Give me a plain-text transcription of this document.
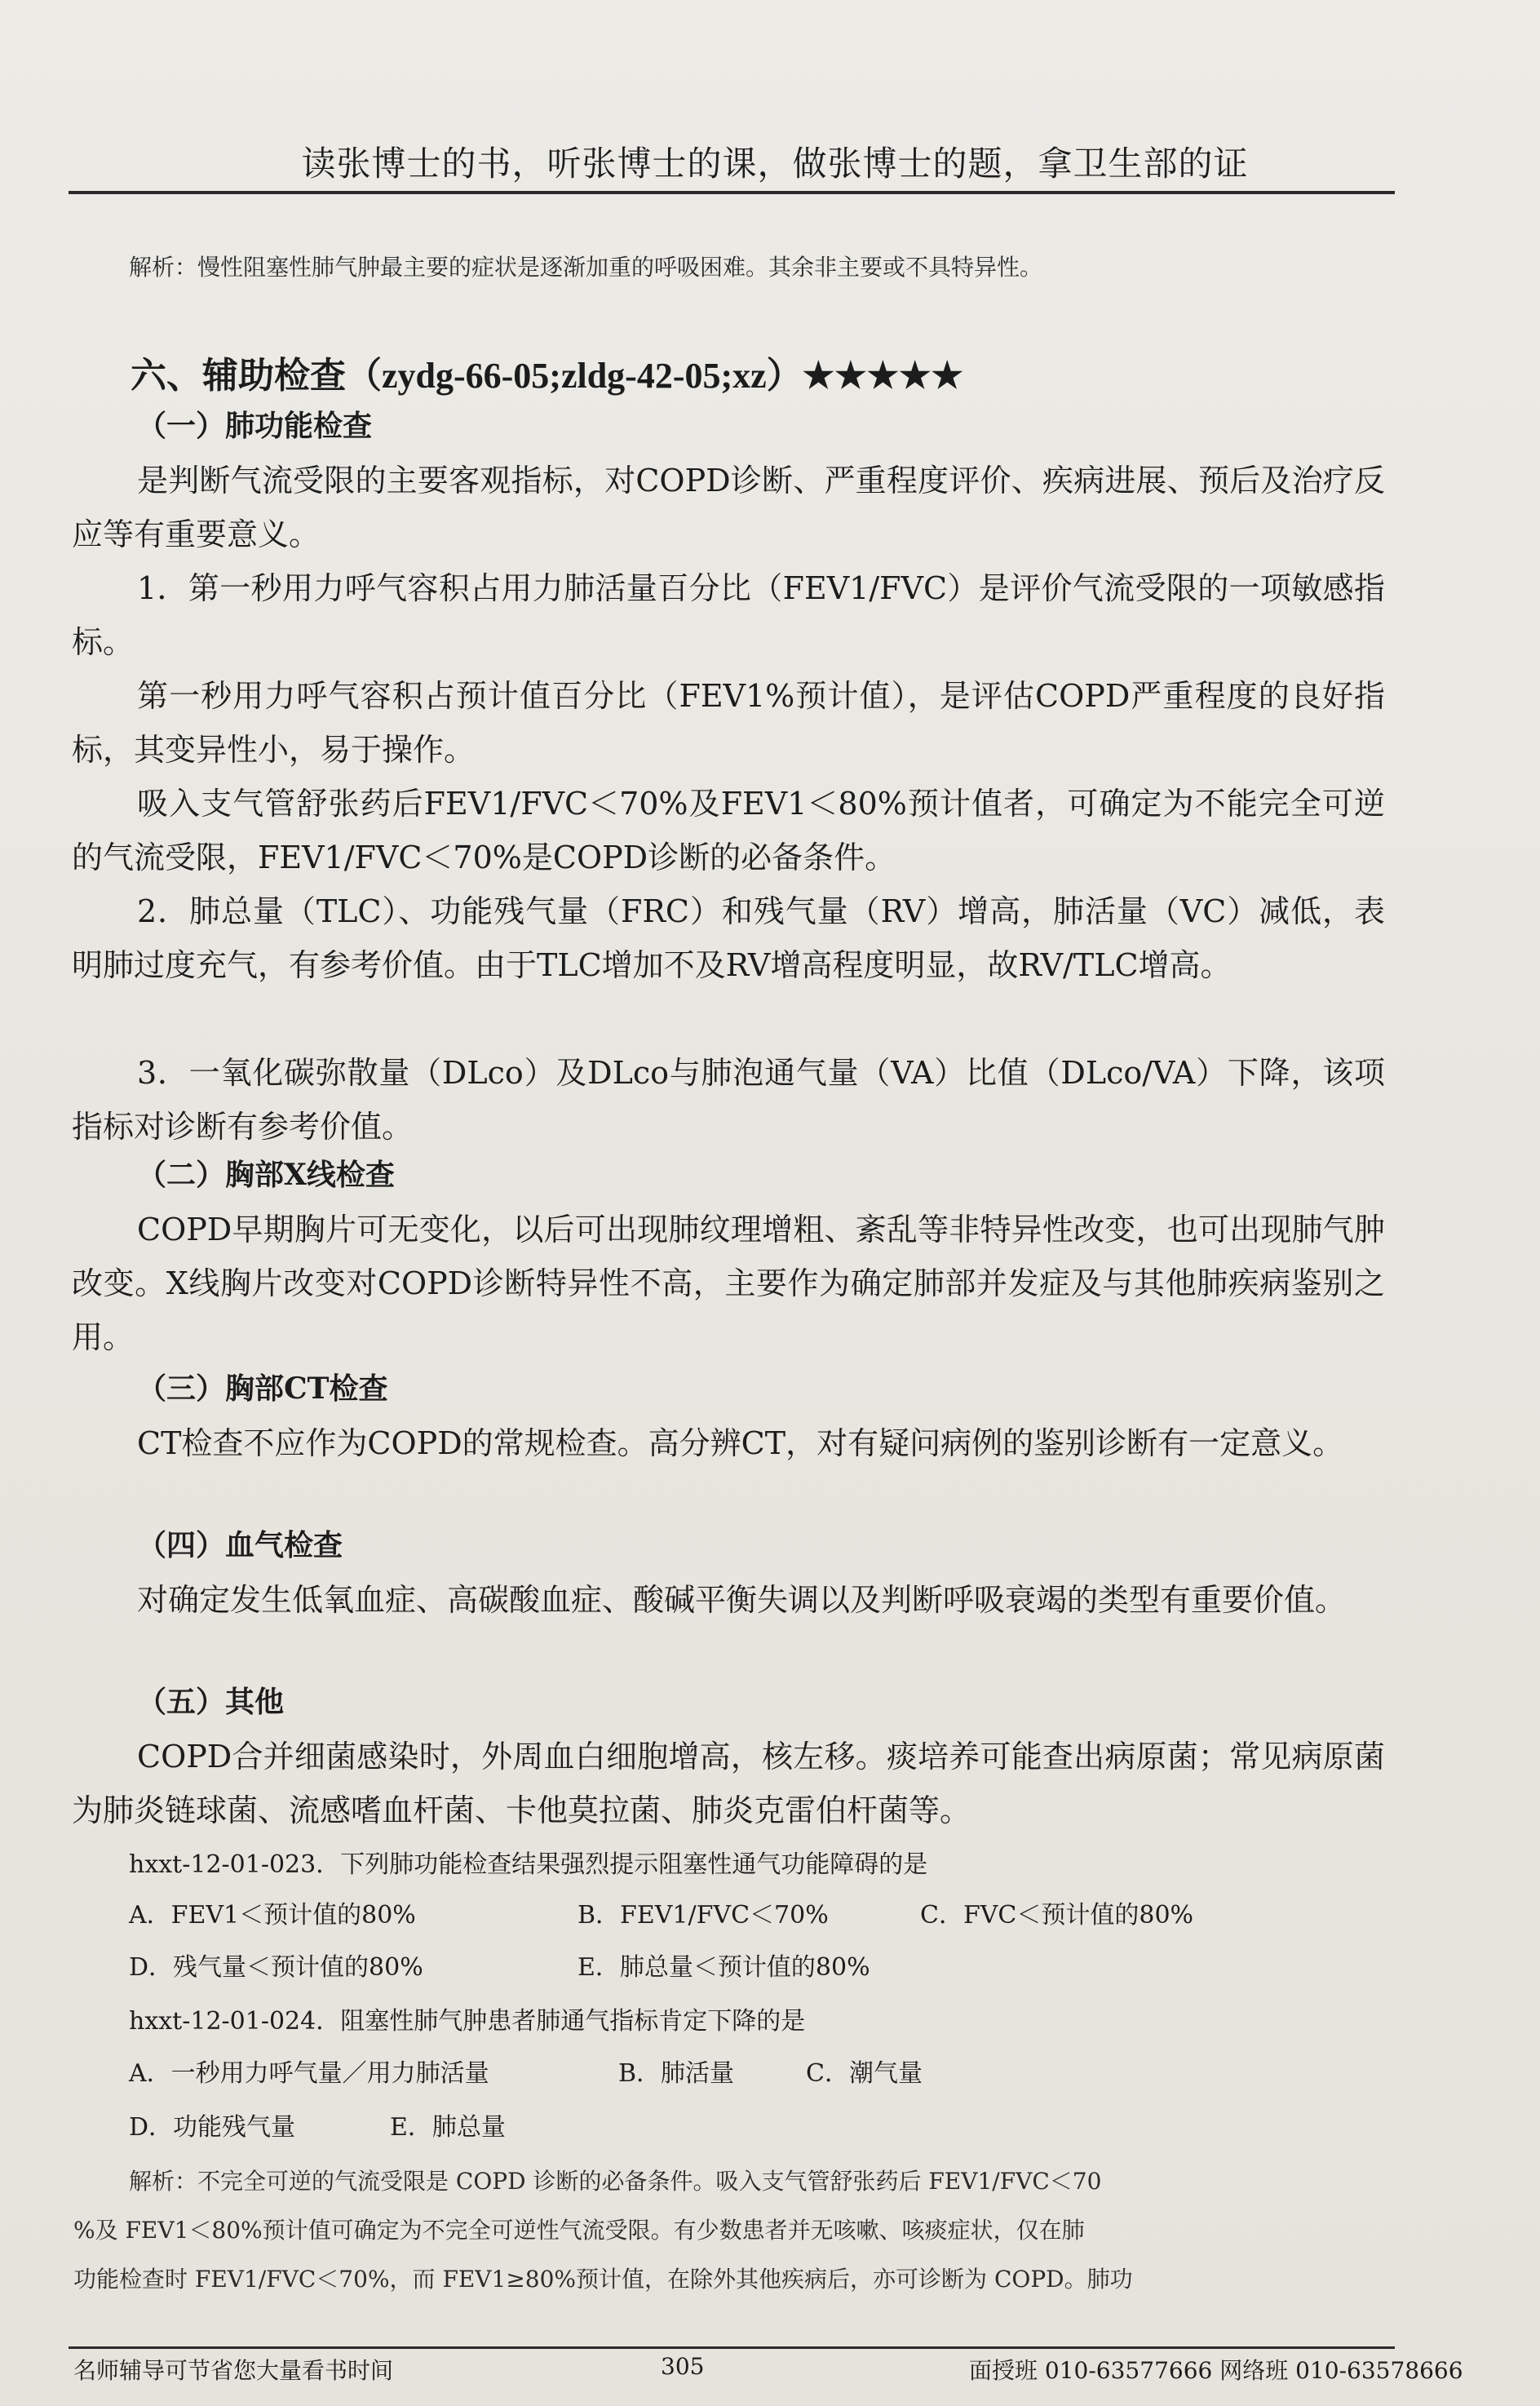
读张博士的书，听张博士的课，做张博士的题，拿卫生部的证
解析：慢性阻塞性肺气肿最主要的症状是逐渐加重的呼吸困难。其余非主要或不具特异性。
六、辅助检查（zydg-66-05;zldg-42-05;xz）★★★★★
（一）肺功能检查
是判断气流受限的主要客观指标，对COPD诊断、严重程度评价、疾病进展、预后及治疗反应等有重要意义。
1．第一秒用力呼气容积占用力肺活量百分比（FEV1/FVC）是评价气流受限的一项敏感指标。
第一秒用力呼气容积占预计值百分比（FEV1%预计值），是评估COPD严重程度的良好指标，其变异性小，易于操作。
吸入支气管舒张药后FEV1/FVC＜70%及FEV1＜80%预计值者，可确定为不能完全可逆的气流受限，FEV1/FVC＜70%是COPD诊断的必备条件。
2．肺总量（TLC）、功能残气量（FRC）和残气量（RV）增高，肺活量（VC）减低，表明肺过度充气，有参考价值。由于TLC增加不及RV增高程度明显，故RV/TLC增高。
3．一氧化碳弥散量（DLco）及DLco与肺泡通气量（VA）比值（DLco/VA）下降，该项指标对诊断有参考价值。
（二）胸部X线检查
COPD早期胸片可无变化，以后可出现肺纹理增粗、紊乱等非特异性改变，也可出现肺气肿改变。X线胸片改变对COPD诊断特异性不高，主要作为确定肺部并发症及与其他肺疾病鉴别之用。
（三）胸部CT检查
CT检查不应作为COPD的常规检查。高分辨CT，对有疑问病例的鉴别诊断有一定意义。
（四）血气检查
对确定发生低氧血症、高碳酸血症、酸碱平衡失调以及判断呼吸衰竭的类型有重要价值。
（五）其他
COPD合并细菌感染时，外周血白细胞增高，核左移。痰培养可能查出病原菌；常见病原菌为肺炎链球菌、流感嗜血杆菌、卡他莫拉菌、肺炎克雷伯杆菌等。
hxxt-12-01-023．下列肺功能检查结果强烈提示阻塞性通气功能障碍的是
A．FEV1＜预计值的80%	B．FEV1/FVC＜70%	C．FVC＜预计值的80%
D．残气量＜预计值的80%	E．肺总量＜预计值的80%
hxxt-12-01-024．阻塞性肺气肿患者肺通气指标肯定下降的是
A．一秒用力呼气量／用力肺活量	B．肺活量	C．潮气量
D．功能残气量	E．肺总量
解析：不完全可逆的气流受限是 COPD 诊断的必备条件。吸入支气管舒张药后 FEV1/FVC＜70
%及 FEV1＜80%预计值可确定为不完全可逆性气流受限。有少数患者并无咳嗽、咳痰症状，仅在肺
功能检查时 FEV1/FVC＜70%，而 FEV1≥80%预计值，在除外其他疾病后，亦可诊断为 COPD。肺功
名师辅导可节省您大量看书时间	305	面授班 010-63577666 网络班 010-63578666
